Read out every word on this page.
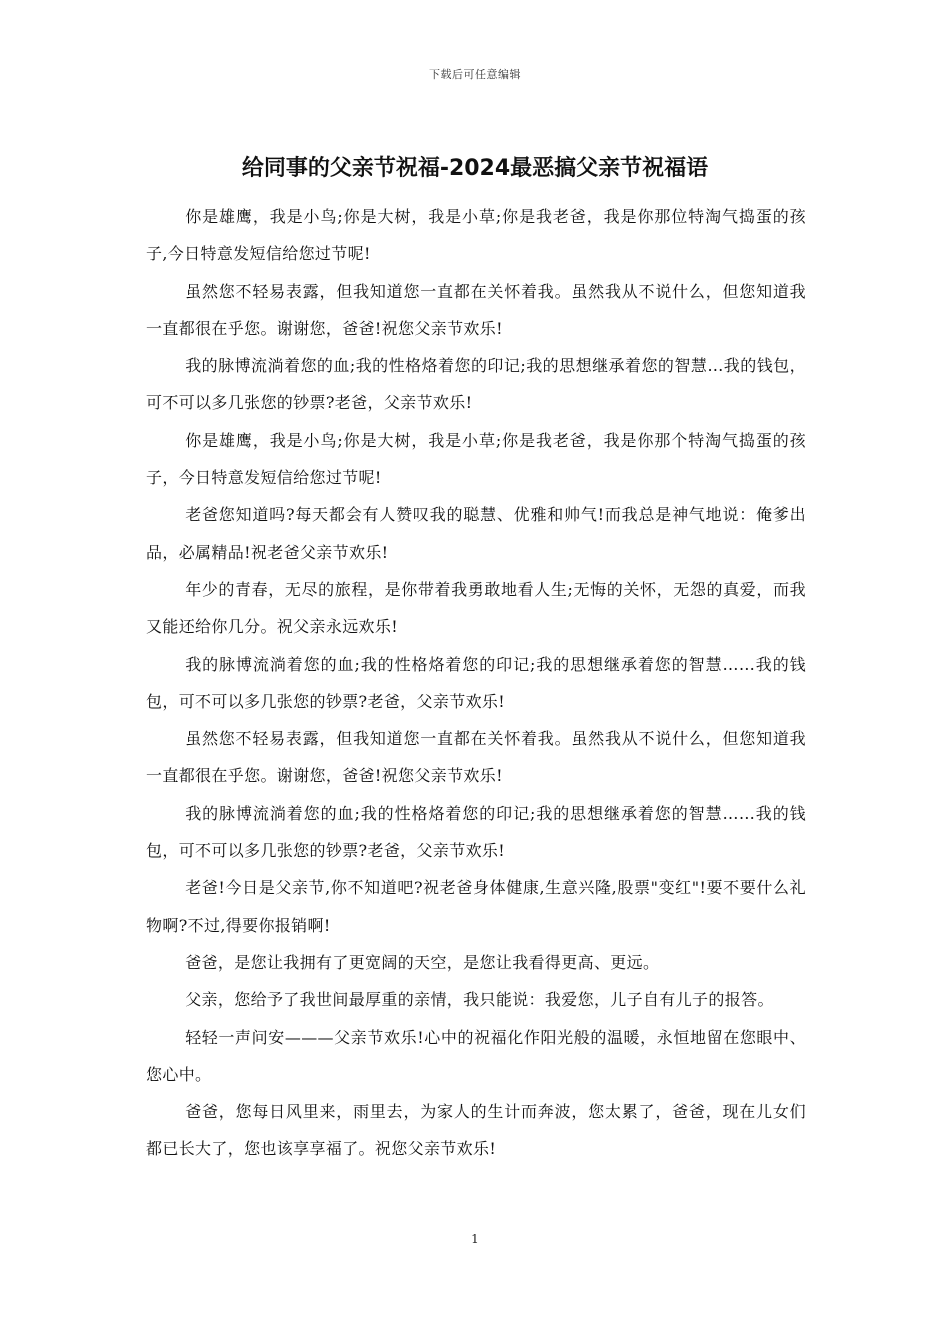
下载后可任意编辑
给同事的父亲节祝福-2024最恶搞父亲节祝福语

你是雄鹰，我是小鸟;你是大树，我是小草;你是我老爸，我是你那位特淘气捣蛋的孩子,今日特意发短信给您过节呢!

虽然您不轻易表露，但我知道您一直都在关怀着我。虽然我从不说什么，但您知道我一直都很在乎您。谢谢您，爸爸!祝您父亲节欢乐!

我的脉博流淌着您的血;我的性格烙着您的印记;我的思想继承着您的智慧…我的钱包，可不可以多几张您的钞票?老爸，父亲节欢乐!

你是雄鹰，我是小鸟;你是大树，我是小草;你是我老爸，我是你那个特淘气捣蛋的孩子，今日特意发短信给您过节呢!

老爸您知道吗?每天都会有人赞叹我的聪慧、优雅和帅气!而我总是神气地说：俺爹出品，必属精品!祝老爸父亲节欢乐!

年少的青春，无尽的旅程，是你带着我勇敢地看人生;无悔的关怀，无怨的真爱，而我又能还给你几分。祝父亲永远欢乐!

我的脉博流淌着您的血;我的性格烙着您的印记;我的思想继承着您的智慧……我的钱包，可不可以多几张您的钞票?老爸，父亲节欢乐!

虽然您不轻易表露，但我知道您一直都在关怀着我。虽然我从不说什么，但您知道我一直都很在乎您。谢谢您，爸爸!祝您父亲节欢乐!

我的脉博流淌着您的血;我的性格烙着您的印记;我的思想继承着您的智慧……我的钱包，可不可以多几张您的钞票?老爸，父亲节欢乐!

老爸!今日是父亲节,你不知道吧?祝老爸身体健康,生意兴隆,股票"变红"!要不要什么礼物啊?不过,得要你报销啊!

爸爸，是您让我拥有了更宽阔的天空，是您让我看得更高、更远。

父亲，您给予了我世间最厚重的亲情，我只能说：我爱您，儿子自有儿子的报答。

轻轻一声问安———父亲节欢乐!心中的祝福化作阳光般的温暖，永恒地留在您眼中、您心中。

爸爸，您每日风里来，雨里去，为家人的生计而奔波，您太累了，爸爸，现在儿女们都已长大了，您也该享享福了。祝您父亲节欢乐!

1
